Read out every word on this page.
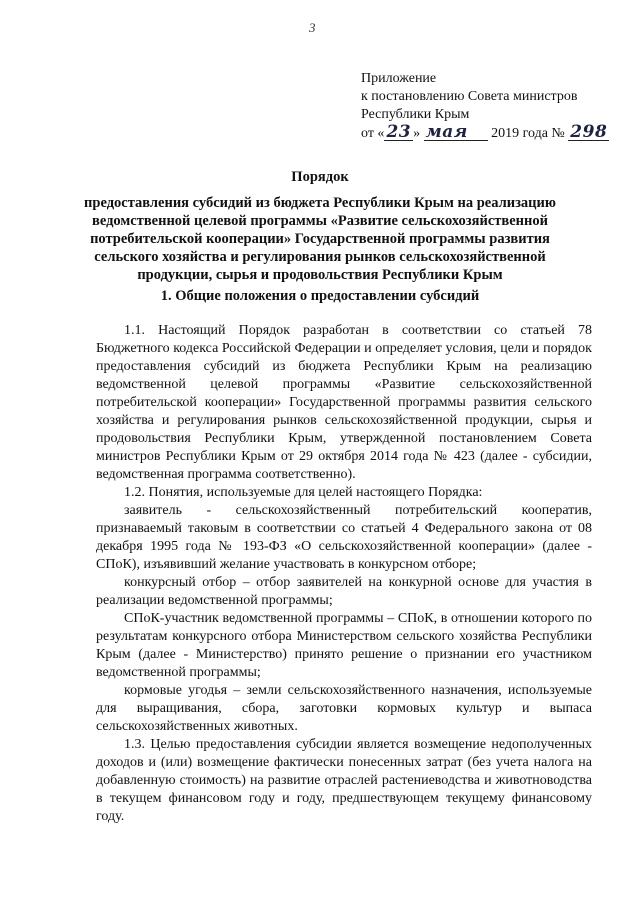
3
Приложение
к постановлению Совета министров
Республики Крым
от « 23 » мая 2019 года № 298
Порядок
предоставления субсидий из бюджета Республики Крым на реализацию ведомственной целевой программы «Развитие сельскохозяйственной потребительской кооперации» Государственной программы развития сельского хозяйства и регулирования рынков сельскохозяйственной продукции, сырья и продовольствия Республики Крым
1. Общие положения о предоставлении субсидий

1.1. Настоящий Порядок разработан в соответствии со статьей 78 Бюджетного кодекса Российской Федерации и определяет условия, цели и порядок предоставления субсидий из бюджета Республики Крым на реализацию ведомственной целевой программы «Развитие сельскохозяйственной потребительской кооперации» Государственной программы развития сельского хозяйства и регулирования рынков сельскохозяйственной продукции, сырья и продовольствия Республики Крым, утвержденной постановлением Совета министров Республики Крым от 29 октября 2014 года № 423 (далее - субсидии, ведомственная программа соответственно).

1.2. Понятия, используемые для целей настоящего Порядка:

заявитель - сельскохозяйственный потребительский кооператив, признаваемый таковым в соответствии со статьей 4 Федерального закона от 08 декабря 1995 года № 193-ФЗ «О сельскохозяйственной кооперации» (далее - СПоК), изъявивший желание участвовать в конкурсном отборе;

конкурсный отбор – отбор заявителей на конкурной основе для участия в реализации ведомственной программы;

СПоК-участник ведомственной программы – СПоК, в отношении которого по результатам конкурсного отбора Министерством сельского хозяйства Республики Крым (далее - Министерство) принято решение о признании его участником ведомственной программы;

кормовые угодья – земли сельскохозяйственного назначения, используемые для выращивания, сбора, заготовки кормовых культур и выпаса сельскохозяйственных животных.

1.3. Целью предоставления субсидии является возмещение недополученных доходов и (или) возмещение фактически понесенных затрат (без учета налога на добавленную стоимость) на развитие отраслей растениеводства и животноводства в текущем финансовом году и году, предшествующем текущему финансовому году.
